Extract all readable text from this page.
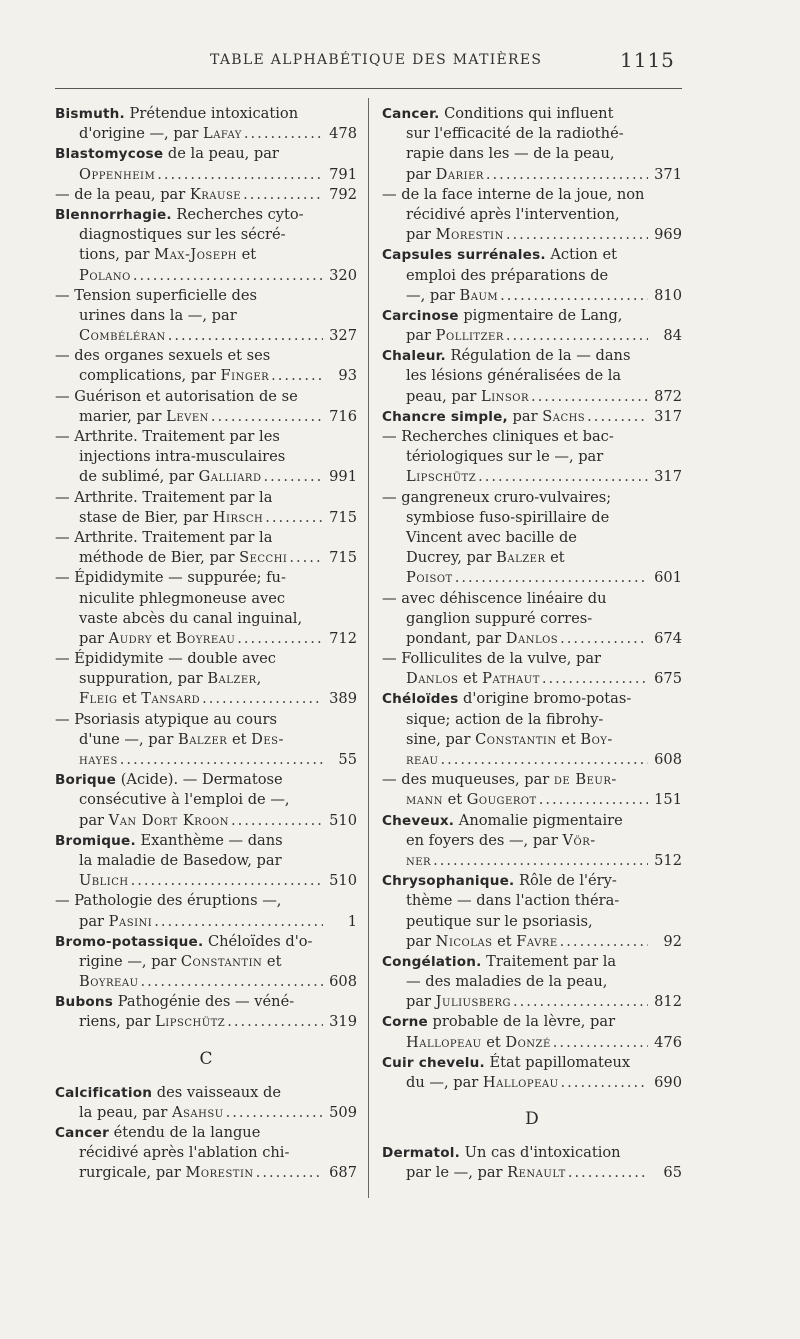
TABLE ALPHABÉTIQUE DES MATIÈRES	1115
Bismuth. Prétendue intoxication
d'origine —, par Lafay .....	478
Blastomycose de la peau, par
Oppenheim .....	791
— de la peau, par Krause .....	792
Blennorrhagie. Recherches cyto-
diagnostiques sur les sécré-
tions, par Max-Joseph et
Polano .....	320
— Tension superficielle des
urines dans la —, par
Combéléran .....	327
— des organes sexuels et ses
complications, par Finger .....	93
— Guérison et autorisation de se
marier, par Leven .....	716
— Arthrite. Traitement par les
injections intra-musculaires
de sublimé, par Galliard .....	991
— Arthrite. Traitement par la
stase de Bier, par Hirsch .....	715
— Arthrite. Traitement par la
méthode de Bier, par Secchi .....	715
— Épididymite — suppurée; fu-
niculite phlegmoneuse avec
vaste abcès du canal inguinal,
par Audry et Boyreau .....	712
— Épididymite — double avec
suppuration, par Balzer,
Fleig et Tansard .....	389
— Psoriasis atypique au cours
d'une —, par Balzer et Des-
hayes .....	55
Borique (Acide). — Dermatose
consécutive à l'emploi de —,
par Van Dort Kroon .....	510
Bromique. Exanthème — dans
la maladie de Basedow, par
Ublich .....	510
— Pathologie des éruptions —,
par Pasini .....	1
Bromo-potassique. Chéloïdes d'o-
rigine —, par Constantin et
Boyreau .....	608
Bubons Pathogénie des — véné-
riens, par Lipschütz .....	319
C
Calcification des vaisseaux de
la peau, par Asahsu .....	509
Cancer étendu de la langue
récidivé après l'ablation chi-
rurgicale, par Morestin .....	687
Cancer. Conditions qui influent
sur l'efficacité de la radiothé-
rapie dans les — de la peau,
par Darier .....	371
— de la face interne de la joue, non
récidivé après l'intervention,
par Morestin .....	969
Capsules surrénales. Action et
emploi des préparations de
—, par Baum .....	810
Carcinose pigmentaire de Lang,
par Pollitzer .....	84
Chaleur. Régulation de la — dans
les lésions généralisées de la
peau, par Linsor .....	872
Chancre simple, par Sachs .....	317
— Recherches cliniques et bac-
tériologiques sur le —, par
Lipschütz .....	317
— gangreneux cruro-vulvaires;
symbiose fuso-spirillaire de
Vincent avec bacille de
Ducrey, par Balzer et
Poisot .....	601
— avec déhiscence linéaire du
ganglion suppuré corres-
pondant, par Danlos .....	674
— Folliculites de la vulve, par
Danlos et Pathaut .....	675
Chéloïdes d'origine bromo-potas-
sique; action de la fibrohy-
sine, par Constantin et Boy-
reau .....	608
— des muqueuses, par de Beur-
mann et Gougerot .....	151
Cheveux. Anomalie pigmentaire
en foyers des —, par Vör-
ner .....	512
Chrysophanique. Rôle de l'éry-
thème — dans l'action théra-
peutique sur le psoriasis,
par Nicolas et Favre .....	92
Congélation. Traitement par la
— des maladies de la peau,
par Juliusberg .....	812
Corne probable de la lèvre, par
Hallopeau et Donzé .....	476
Cuir chevelu. État papillomateux
du —, par Hallopeau .....	690
D
Dermatol. Un cas d'intoxication
par le —, par Renault .....	65
